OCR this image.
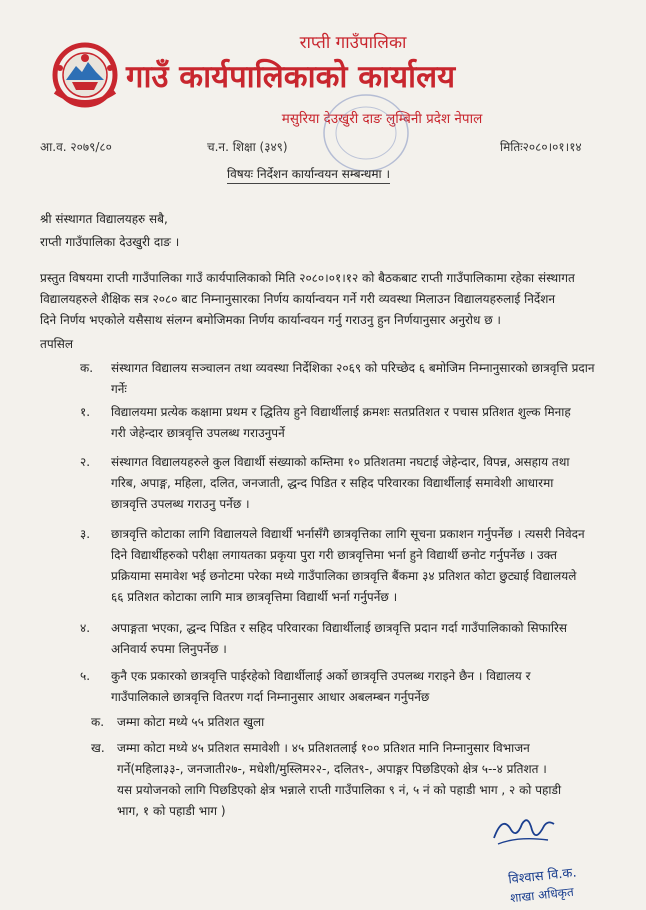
राप्ती गाउँपालिका
गाउँ कार्यपालिकाको कार्यालय
मसुरिया देउखुरी दाङ लुम्बिनी प्रदेश नेपाल
आ.व. २०७९/८०	च.न. शिक्षा (३४९)	मितिः२०८०।०१।१४
विषयः निर्देशन कार्यान्वयन सम्बन्धमा ।
श्री संस्थागत विद्यालयहरु सबै,
राप्ती गाउँपालिका देउखुरी दाङ ।
प्रस्तुत विषयमा राप्ती गाउँपालिका गाउँ कार्यपालिकाको मिति २०८०।०१।१२ को बैठकबाट राप्ती गाउँपालिकामा रहेका संस्थागत
विद्यालयहरुले शैक्षिक सत्र २०८० बाट निम्नानुसारका निर्णय कार्यान्वयन गर्ने गरी व्यवस्था मिलाउन विद्यालयहरुलाई निर्देशन
दिने निर्णय भएकोले यसैसाथ संलग्न बमोजिमका निर्णय कार्यान्वयन गर्नु गराउनु हुन निर्णयानुसार अनुरोध छ ।
तपसिल
क. संस्थागत विद्यालय सञ्चालन तथा व्यवस्था निर्देशिका २०६९ को परिच्छेद ६ बमोजिम निम्नानुसारको छात्रवृत्ति प्रदान
गर्नेः
१. विद्यालयमा प्रत्येक कक्षामा प्रथम र द्धितिय हुने विद्यार्थीलाई क्रमशः सतप्रतिशत र पचास प्रतिशत शुल्क मिनाह
गरी जेहेन्दार छात्रवृत्ति उपलब्ध गराउनुपर्ने
२. संस्थागत विद्यालयहरुले कुल विद्यार्थी संख्याको कम्तिमा १० प्रतिशतमा नघटाई जेहेन्दार, विपन्न, असहाय तथा
गरिब, अपाङ्ग, महिला, दलित, जनजाती, द्धन्द पिडित र सहिद परिवारका विद्यार्थीलाई समावेशी आधारमा
छात्रवृत्ति उपलब्ध गराउनु पर्नेछ ।
३. छात्रवृत्ति कोटाका लागि विद्यालयले विद्यार्थी भर्नासँगै छात्रवृत्तिका लागि सूचना प्रकाशन गर्नुपर्नेछ । त्यसरी निवेदन
दिने विद्यार्थीहरुको परीक्षा लगायतका प्रकृया पुरा गरी छात्रवृत्तिमा भर्ना हुने विद्यार्थी छनोट गर्नुपर्नेछ । उक्त
प्रक्रियामा समावेश भई छनोटमा परेका मध्ये गाउँपालिका छात्रवृत्ति बैंकमा ३४ प्रतिशत कोटा छुट्याई विद्यालयले
६६ प्रतिशत कोटाका लागि मात्र छात्रवृत्तिमा विद्यार्थी भर्ना गर्नुपर्नेछ ।
४. अपाङ्गता भएका, द्धन्द पिडित र सहिद परिवारका विद्यार्थीलाई छात्रवृत्ति प्रदान गर्दा गाउँपालिकाको सिफारिस
अनिवार्य रुपमा लिनुपर्नेछ ।
५. कुनै एक प्रकारको छात्रवृत्ति पाईरहेको विद्यार्थीलाई अर्को छात्रवृत्ति उपलब्ध गराइने छैन । विद्यालय र
गाउँपालिकाले छात्रवृत्ति वितरण गर्दा निम्नानुसार आधार अबलम्बन गर्नुपर्नेछ
क. जम्मा कोटा मध्ये ५५ प्रतिशत खुला
ख. जम्मा कोटा मध्ये ४५ प्रतिशत समावेशी । ४५ प्रतिशतलाई १०० प्रतिशत मानि निम्नानुसार विभाजन
गर्ने(महिला३३-, जनजाती२७-, मधेशी/मुस्लिम२२-, दलित९-, अपाङ्गर पिछडिएको क्षेत्र ५--४ प्रतिशत ।
यस प्रयोजनको लागि पिछडिएको क्षेत्र भन्नाले राप्ती गाउँपालिका ९ नं, ५ नं को पहाडी भाग , २ को पहाडी
भाग, १ को पहाडी भाग )
विश्वास वि.क.
शाखा अधिकृत
